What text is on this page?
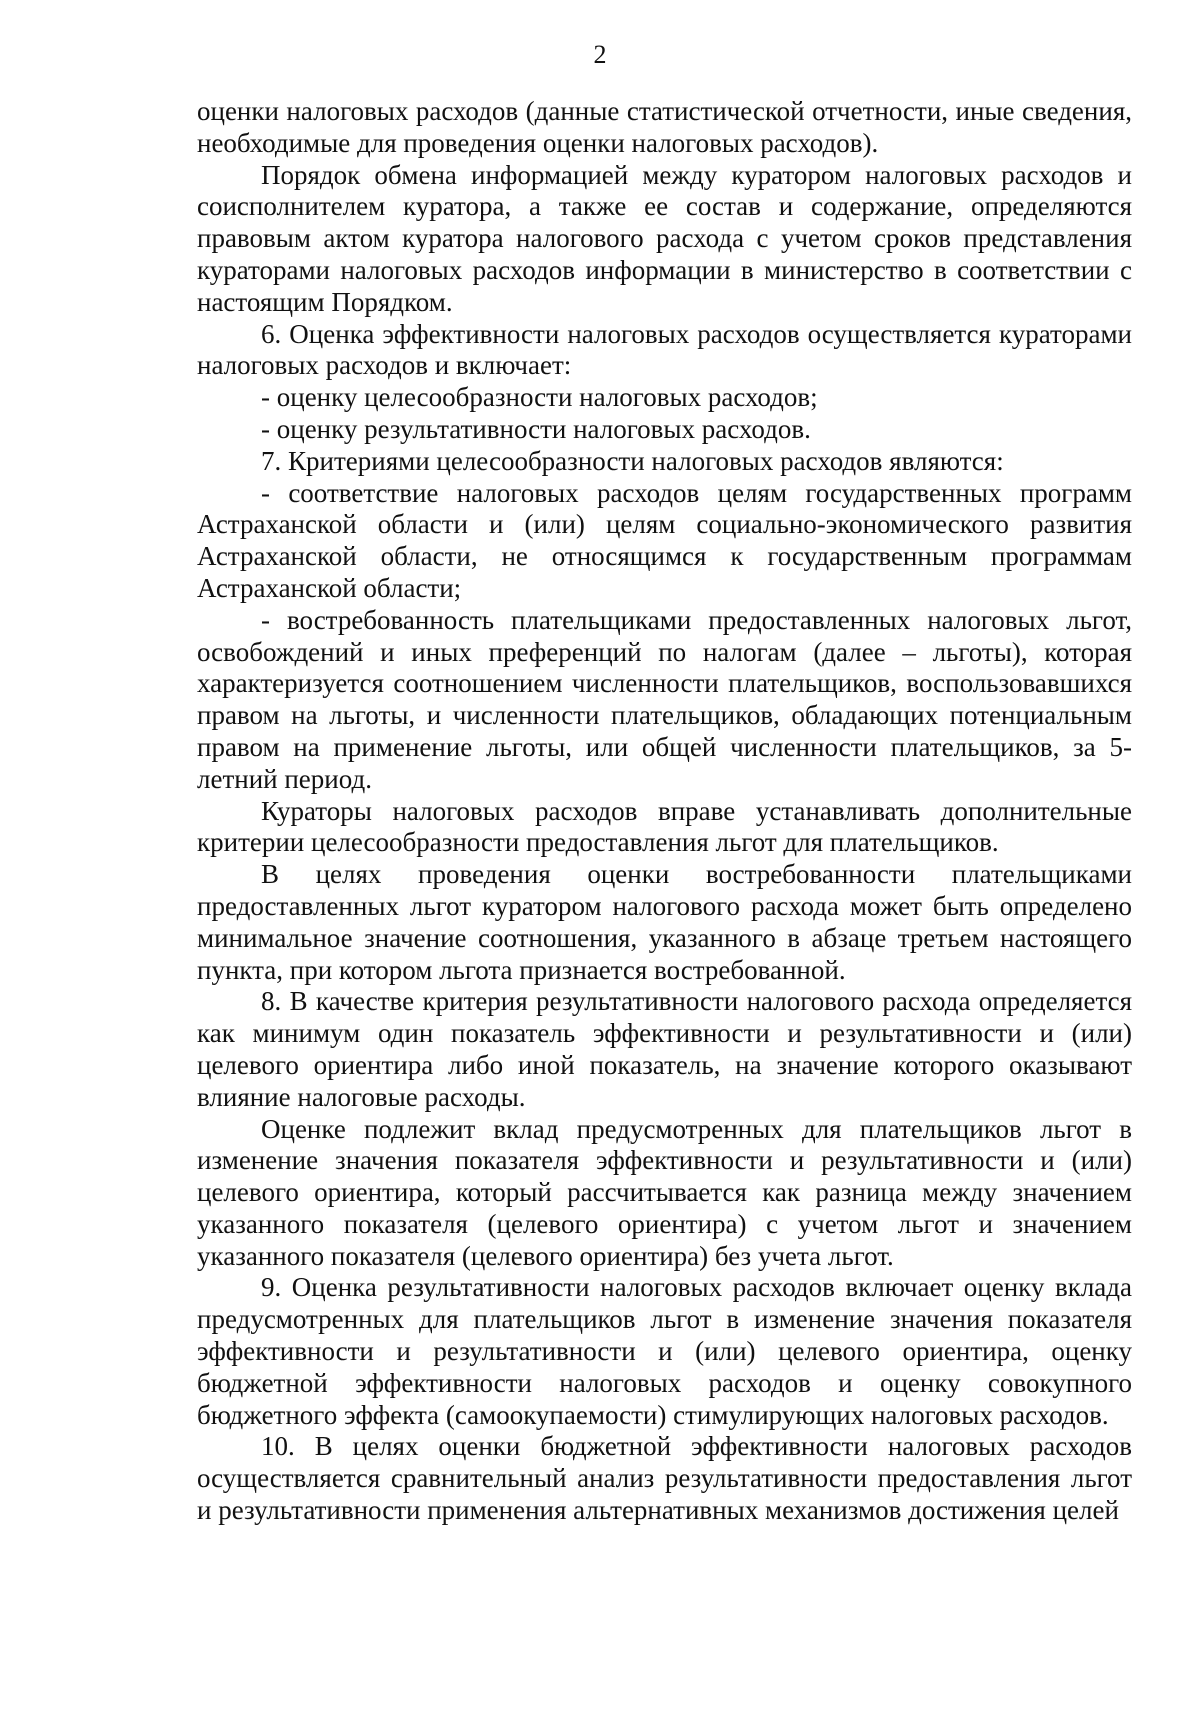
2

оценки налоговых расходов (данные статистической отчетности, иные сведения, необходимые для проведения оценки налоговых расходов).

Порядок обмена информацией между куратором налоговых расходов и соисполнителем куратора, а также ее состав и содержание, определяются правовым актом куратора налогового расхода с учетом сроков представления кураторами налоговых расходов информации в министерство в соответствии с настоящим Порядком.

6. Оценка эффективности налоговых расходов осуществляется кураторами налоговых расходов и включает:

- оценку целесообразности налоговых расходов;

- оценку результативности налоговых расходов.

7. Критериями целесообразности налоговых расходов являются:

- соответствие налоговых расходов целям государственных программ Астраханской области и (или) целям социально-экономического развития Астраханской области, не относящимся к государственным программам Астраханской области;

- востребованность плательщиками предоставленных налоговых льгот, освобождений и иных преференций по налогам (далее – льготы), которая характеризуется соотношением численности плательщиков, воспользовавшихся правом на льготы, и численности плательщиков, обладающих потенциальным правом на применение льготы, или общей численности плательщиков, за 5-летний период.

Кураторы налоговых расходов вправе устанавливать дополнительные критерии целесообразности предоставления льгот для плательщиков.

В целях проведения оценки востребованности плательщиками предоставленных льгот куратором налогового расхода может быть определено минимальное значение соотношения, указанного в абзаце третьем настоящего пункта, при котором льгота признается востребованной.

8. В качестве критерия результативности налогового расхода определяется как минимум один показатель эффективности и результативности и (или) целевого ориентира либо иной показатель, на значение которого оказывают влияние налоговые расходы.

Оценке подлежит вклад предусмотренных для плательщиков льгот в изменение значения показателя эффективности и результативности и (или) целевого ориентира, который рассчитывается как разница между значением указанного показателя (целевого ориентира) с учетом льгот и значением указанного показателя (целевого ориентира) без учета льгот.

9. Оценка результативности налоговых расходов включает оценку вклада предусмотренных для плательщиков льгот в изменение значения показателя эффективности и результативности и (или) целевого ориентира, оценку бюджетной эффективности налоговых расходов и оценку совокупного бюджетного эффекта (самоокупаемости) стимулирующих налоговых расходов.

10. В целях оценки бюджетной эффективности налоговых расходов осуществляется сравнительный анализ результативности предоставления льгот и результативности применения альтернативных механизмов достижения целей
